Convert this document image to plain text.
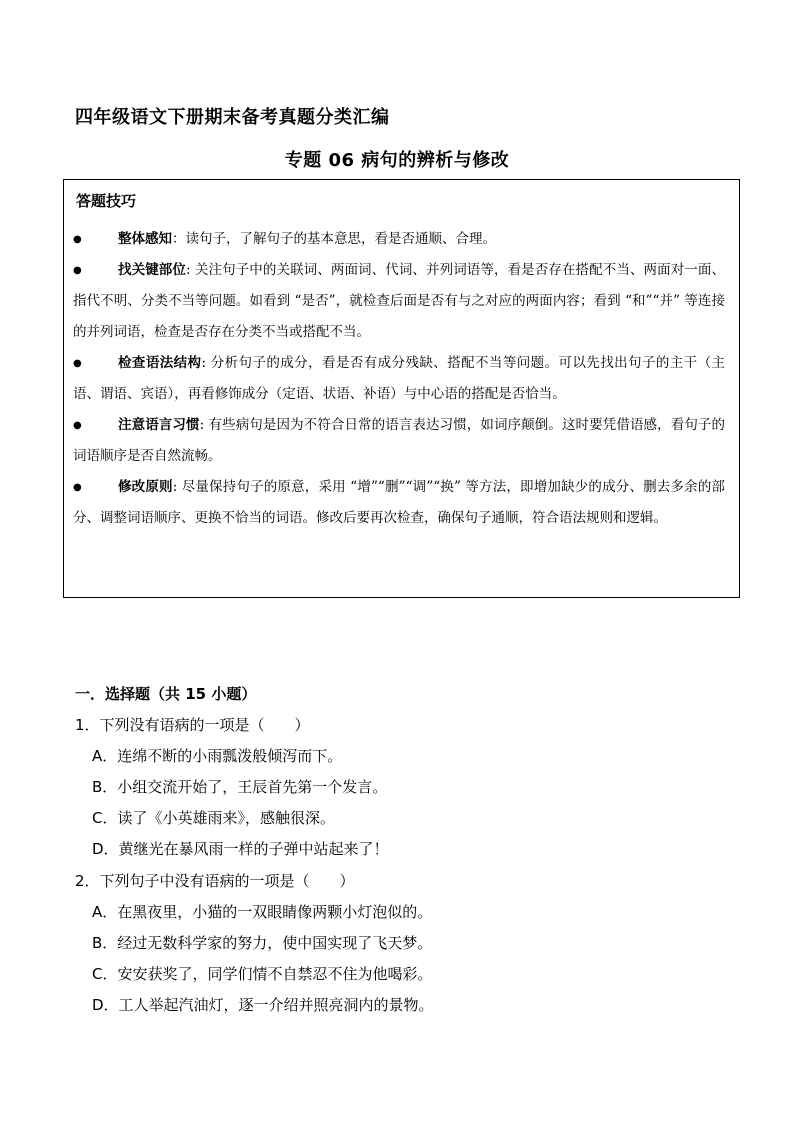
四年级语文下册期末备考真题分类汇编
专题 06 病句的辨析与修改
答题技巧
●	整体感知：读句子，了解句子的基本意思，看是否通顺、合理。
●	找关键部位: 关注句子中的关联词、两面词、代词、并列词语等，看是否存在搭配不当、两面对一面、指代不明、分类不当等问题。如看到 “是否”，就检查后面是否有与之对应的两面内容；看到 “和”“并” 等连接的并列词语，检查是否存在分类不当或搭配不当。
●	检查语法结构: 分析句子的成分，看是否有成分残缺、搭配不当等问题。可以先找出句子的主干（主语、谓语、宾语），再看修饰成分（定语、状语、补语）与中心语的搭配是否恰当。
●	注意语言习惯: 有些病句是因为不符合日常的语言表达习惯，如词序颠倒。这时要凭借语感，看句子的词语顺序是否自然流畅。
●	修改原则: 尽量保持句子的原意，采用 “增”“删”“调”“换” 等方法，即增加缺少的成分、删去多余的部分、调整词语顺序、更换不恰当的词语。修改后要再次检查，确保句子通顺，符合语法规则和逻辑。
一．选择题（共 15 小题）
1．下列没有语病的一项是（　　）
A．连绵不断的小雨瓢泼般倾泻而下。
B．小组交流开始了，王辰首先第一个发言。
C．读了《小英雄雨来》，感触很深。
D．黄继光在暴风雨一样的子弹中站起来了！
2．下列句子中没有语病的一项是（　　）
A．在黑夜里，小猫的一双眼睛像两颗小灯泡似的。
B．经过无数科学家的努力，使中国实现了飞天梦。
C．安安获奖了，同学们情不自禁忍不住为他喝彩。
D．工人举起汽油灯，逐一介绍并照亮洞内的景物。
